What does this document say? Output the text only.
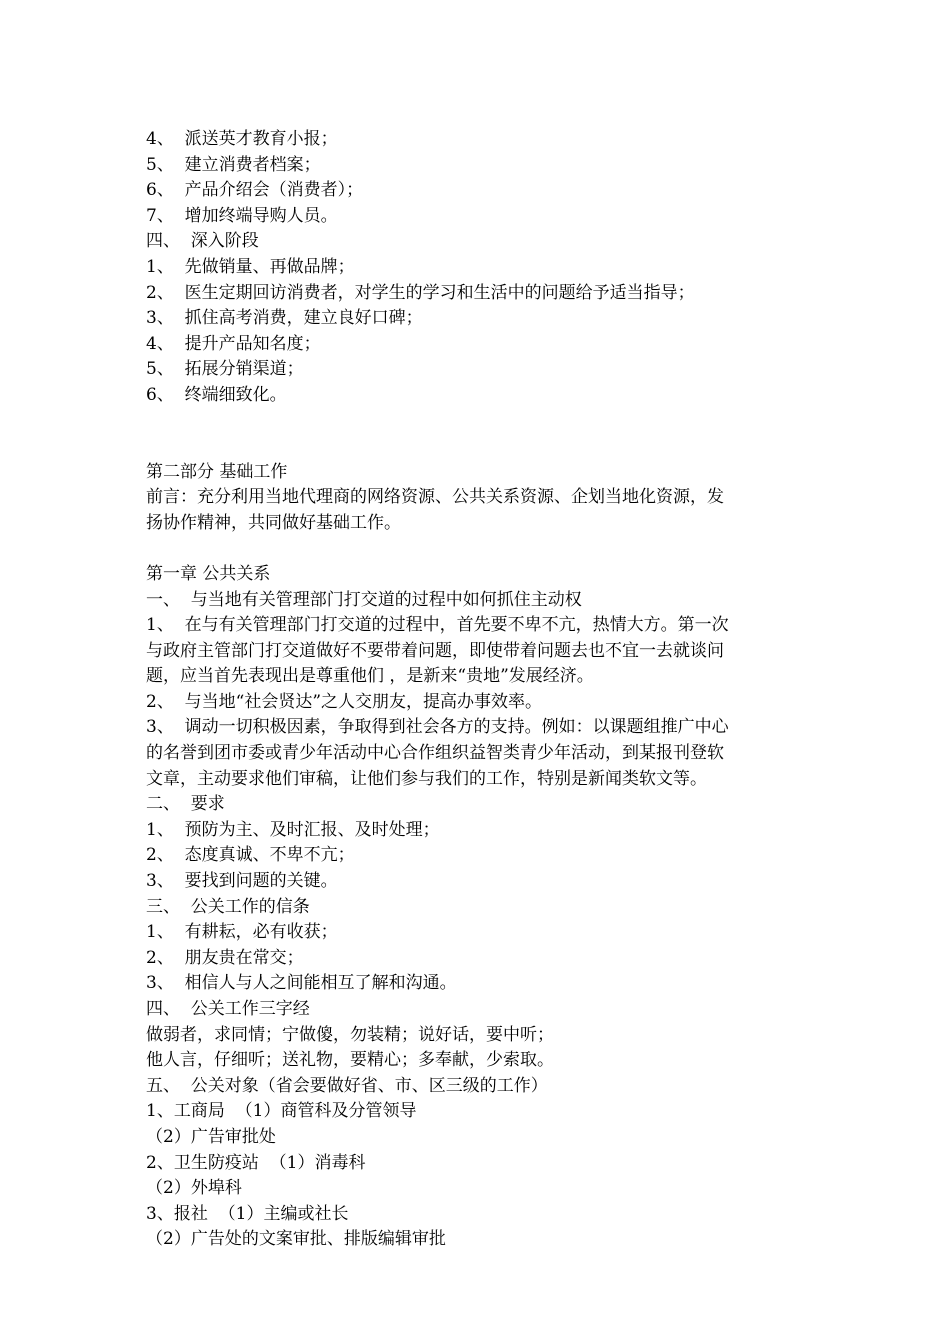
4、  派送英才教育小报；
5、  建立消费者档案；
6、  产品介绍会（消费者）；
7、  增加终端导购人员。
四、  深入阶段
1、  先做销量、再做品牌；
2、  医生定期回访消费者，对学生的学习和生活中的问题给予适当指导；
3、  抓住高考消费，建立良好口碑；
4、  提升产品知名度；
5、  拓展分销渠道；
6、  终端细致化。
第二部分 基础工作
前言：充分利用当地代理商的网络资源、公共关系资源、企划当地化资源，发
扬协作精神，共同做好基础工作。
第一章 公共关系
一、  与当地有关管理部门打交道的过程中如何抓住主动权
1、  在与有关管理部门打交道的过程中，首先要不卑不亢，热情大方。第一次
与政府主管部门打交道做好不要带着问题，即使带着问题去也不宜一去就谈问
题，应当首先表现出是尊重他们 ，是新来“贵地”发展经济。
2、  与当地“社会贤达”之人交朋友，提高办事效率。
3、  调动一切积极因素，争取得到社会各方的支持。例如：以课题组推广中心
的名誉到团市委或青少年活动中心合作组织益智类青少年活动，到某报刊登软
文章，主动要求他们审稿，让他们参与我们的工作，特别是新闻类软文等。
二、  要求
1、  预防为主、及时汇报、及时处理；
2、  态度真诚、不卑不亢；
3、  要找到问题的关键。
三、  公关工作的信条
1、  有耕耘，必有收获；
2、  朋友贵在常交；
3、  相信人与人之间能相互了解和沟通。
四、  公关工作三字经
做弱者，求同情；宁做傻，勿装精；说好话，要中听；
他人言，仔细听；送礼物，要精心；多奉献，少索取。
五、  公关对象（省会要做好省、市、区三级的工作）
1、工商局  （1）商管科及分管领导
（2）广告审批处
2、卫生防疫站  （1）消毒科
（2）外埠科
3、报社  （1）主编或社长
（2）广告处的文案审批、排版编辑审批
